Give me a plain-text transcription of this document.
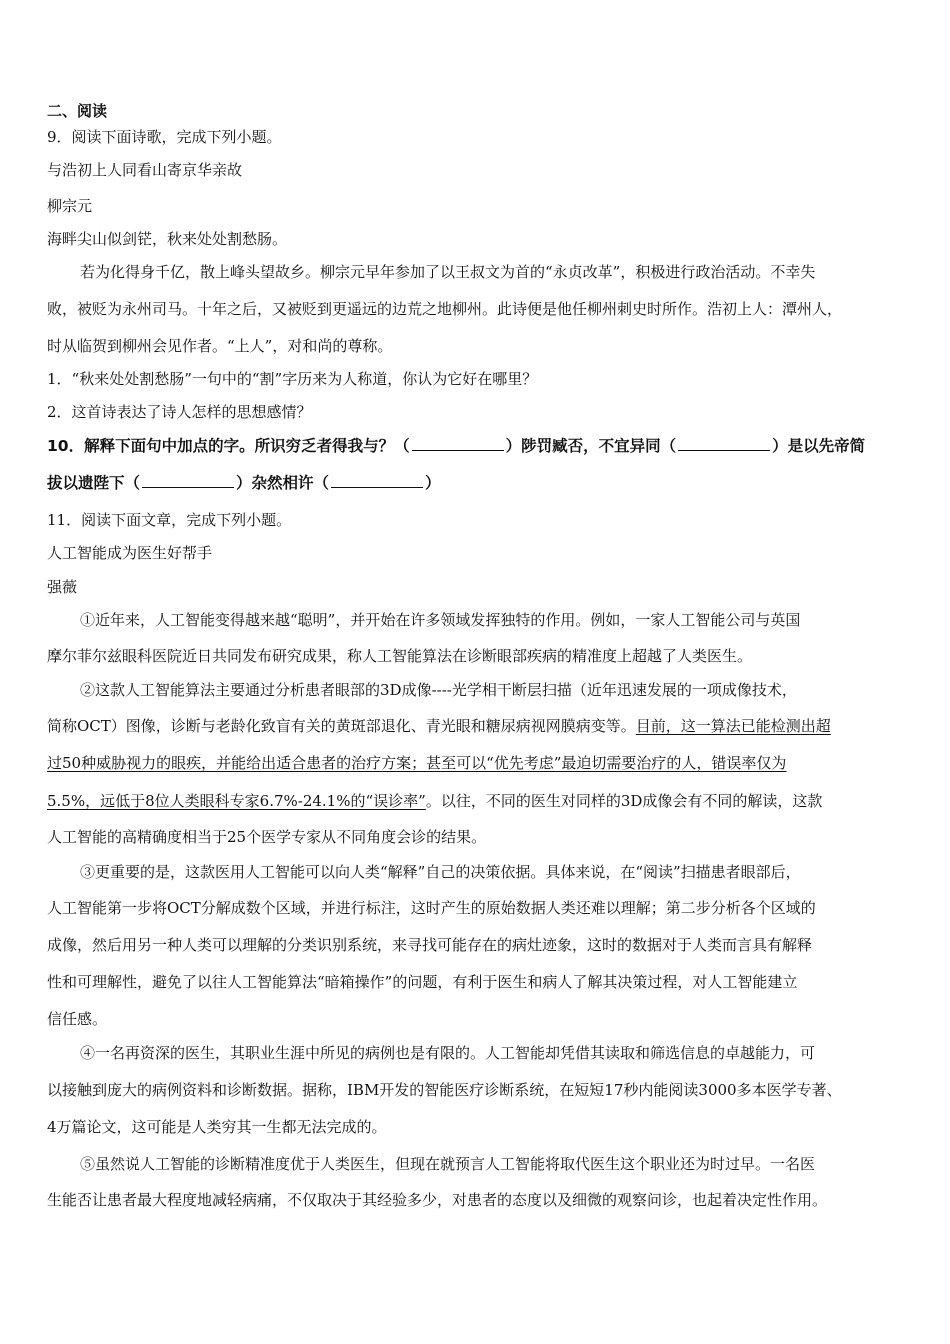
二、阅读
9．阅读下面诗歌，完成下列小题。
与浩初上人同看山寄京华亲故
柳宗元
海畔尖山似剑铓，秋来处处割愁肠。
若为化得身千亿，散上峰头望故乡。柳宗元早年参加了以王叔文为首的“永贞改革”，积极进行政治活动。不幸失
败，被贬为永州司马。十年之后，又被贬到更遥远的边荒之地柳州。此诗便是他任柳州刺史时所作。浩初上人：潭州人，
时从临贺到柳州会见作者。“上人”，对和尚的尊称。
1．“秋来处处割愁肠”一句中的“割”字历来为人称道，你认为它好在哪里？
2．这首诗表达了诗人怎样的思想感情？
10．解释下面句中加点的字。所识穷乏者得我与？（	）陟罚臧否，不宜异同（	）是以先帝简
拔以遗陛下（	）杂然相许（	）
11．阅读下面文章，完成下列小题。
人工智能成为医生好帮手
强薇
①近年来，人工智能变得越来越“聪明”，并开始在许多领域发挥独特的作用。例如，一家人工智能公司与英国
摩尔菲尔兹眼科医院近日共同发布研究成果，称人工智能算法在诊断眼部疾病的精准度上超越了人类医生。
②这款人工智能算法主要通过分析患者眼部的3D成像----光学相干断层扫描（近年迅速发展的一项成像技术，
简称OCT）图像，诊断与老龄化致盲有关的黄斑部退化、青光眼和糖尿病视网膜病变等。目前，这一算法已能检测出超
过50种威胁视力的眼疾，并能给出适合患者的治疗方案；甚至可以“优先考虑”最迫切需要治疗的人，错误率仅为
5.5%，远低于8位人类眼科专家6.7%-24.1%的“误诊率”。以往，不同的医生对同样的3D成像会有不同的解读，这款
人工智能的高精确度相当于25个医学专家从不同角度会诊的结果。
③更重要的是，这款医用人工智能可以向人类“解释”自己的决策依据。具体来说，在“阅读”扫描患者眼部后，
人工智能第一步将OCT分解成数个区域，并进行标注，这时产生的原始数据人类还难以理解；第二步分析各个区域的
成像，然后用另一种人类可以理解的分类识别系统，来寻找可能存在的病灶迹象，这时的数据对于人类而言具有解释
性和可理解性，避免了以往人工智能算法“暗箱操作”的问题，有利于医生和病人了解其决策过程，对人工智能建立
信任感。
④一名再资深的医生，其职业生涯中所见的病例也是有限的。人工智能却凭借其读取和筛选信息的卓越能力，可
以接触到庞大的病例资料和诊断数据。据称，IBM开发的智能医疗诊断系统，在短短17秒内能阅读3000多本医学专著、
4万篇论文，这可能是人类穷其一生都无法完成的。
⑤虽然说人工智能的诊断精准度优于人类医生，但现在就预言人工智能将取代医生这个职业还为时过早。一名医
生能否让患者最大程度地减轻病痛，不仅取决于其经验多少，对患者的态度以及细微的观察问诊，也起着决定性作用。
